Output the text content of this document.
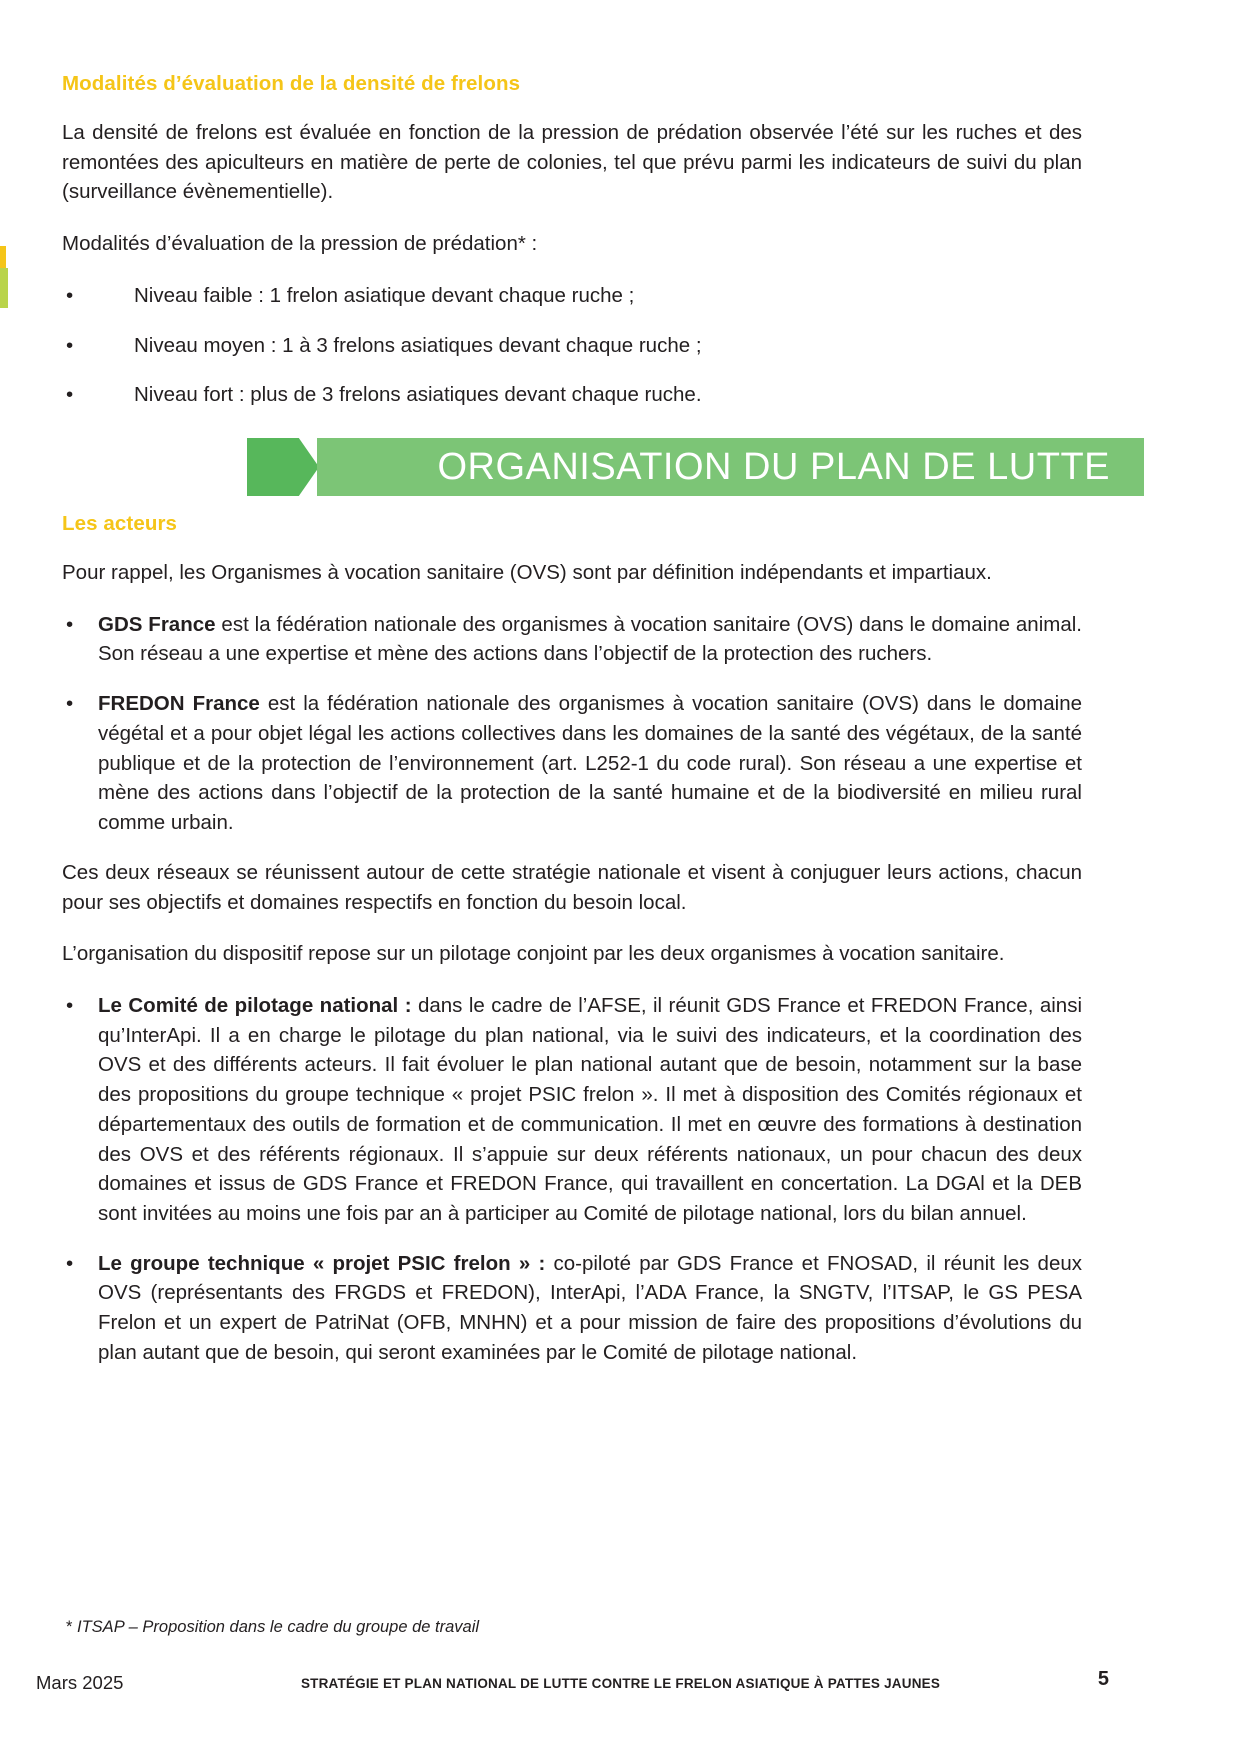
Modalités d’évaluation de la densité de frelons

La densité de frelons est évaluée en fonction de la pression de prédation observée l’été sur les ruches et des remontées des apiculteurs en matière de perte de colonies, tel que prévu parmi les indicateurs de suivi du plan (surveillance évènementielle).

Modalités d’évaluation de la pression de prédation* :

•	Niveau faible : 1 frelon asiatique devant chaque ruche ;
•	Niveau moyen : 1 à 3 frelons asiatiques devant chaque ruche ;
•	Niveau fort : plus de 3 frelons asiatiques devant chaque ruche.
ORGANISATION DU PLAN DE LUTTE
Les acteurs

Pour rappel, les Organismes à vocation sanitaire (OVS) sont par définition indépendants et impartiaux.

• GDS France est la fédération nationale des organismes à vocation sanitaire (OVS) dans le domaine animal. Son réseau a une expertise et mène des actions dans l’objectif de la protection des ruchers.
• FREDON France est la fédération nationale des organismes à vocation sanitaire (OVS) dans le domaine végétal et a pour objet légal les actions collectives dans les domaines de la santé des végétaux, de la santé publique et de la protection de l’environnement (art. L252-1 du code rural). Son réseau a une expertise et mène des actions dans l’objectif de la protection de la santé humaine et de la biodiversité en milieu rural comme urbain.

Ces deux réseaux se réunissent autour de cette stratégie nationale et visent à conjuguer leurs actions, chacun pour ses objectifs et domaines respectifs en fonction du besoin local.

L’organisation du dispositif repose sur un pilotage conjoint par les deux organismes à vocation sanitaire.

• Le Comité de pilotage national : dans le cadre de l’AFSE, il réunit GDS France et FREDON France, ainsi qu’InterApi. Il a en charge le pilotage du plan national, via le suivi des indicateurs, et la coordination des OVS et des différents acteurs. Il fait évoluer le plan national autant que de besoin, notamment sur la base des propositions du groupe technique « projet PSIC frelon ». Il met à disposition des Comités régionaux et départementaux des outils de formation et de communication. Il met en œuvre des formations à destination des OVS et des référents régionaux. Il s’appuie sur deux référents nationaux, un pour chacun des deux domaines et issus de GDS France et FREDON France, qui travaillent en concertation. La DGAl et la DEB sont invitées au moins une fois par an à participer au Comité de pilotage national, lors du bilan annuel.
• Le groupe technique « projet PSIC frelon » : co-piloté par GDS France et FNOSAD, il réunit les deux OVS (représentants des FRGDS et FREDON), InterApi, l’ADA France, la SNGTV, l’ITSAP, le GS PESA Frelon et un expert de PatriNat (OFB, MNHN) et a pour mission de faire des propositions d’évolutions du plan autant que de besoin, qui seront examinées par le Comité de pilotage national.
* ITSAP – Proposition dans le cadre du groupe de travail
Mars 2025	STRATÉGIE ET PLAN NATIONAL DE LUTTE CONTRE LE FRELON ASIATIQUE À PATTES JAUNES	5
